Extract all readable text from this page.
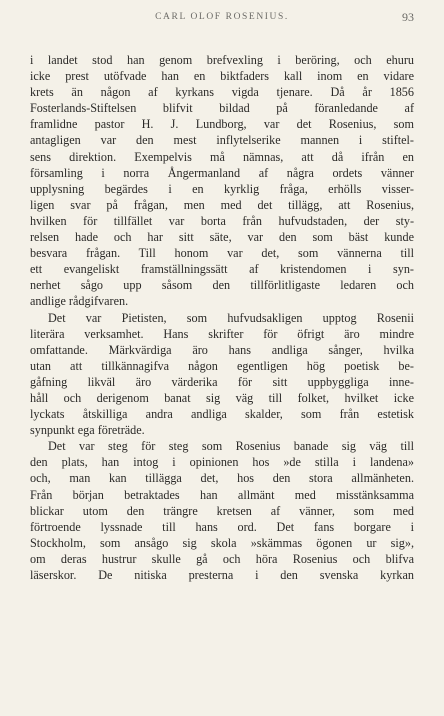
CARL OLOF ROSENIUS.	93

i landet stod han genom brefvexling i beröring, och ehuru
icke prest utöfvade han en biktfaders kall inom en vidare
krets än någon af kyrkans vigda tjenare. Då år 1856
Fosterlands-Stiftelsen blifvit bildad på föranledande af
framlidne pastor H. J. Lundborg, var det Rosenius, som
antagligen var den mest inflytelserike mannen i stiftel-
sens direktion. Exempelvis må nämnas, att då ifrån en
församling i norra Ångermanland af några ordets vänner
upplysning begärdes i en kyrklig fråga, erhölls visser-
ligen svar på frågan, men med det tillägg, att Rosenius,
hvilken för tillfället var borta från hufvudstaden, der sty-
relsen hade och har sitt säte, var den som bäst kunde
besvara frågan. Till honom var det, som vännerna till
ett evangeliskt framställningssätt af kristendomen i syn-
nerhet sågo upp såsom den tillförlitligaste ledaren och
andlige rådgifvaren.

Det var Pietisten, som hufvudsakligen upptog Rosenii
literära verksamhet. Hans skrifter för öfrigt äro mindre
omfattande. Märkvärdiga äro hans andliga sånger, hvilka
utan att tillkännagifva någon egentligen hög poetisk be-
gåfning likväl äro värderika för sitt uppbyggliga inne-
håll och derigenom banat sig väg till folket, hvilket icke
lyckats åtskilliga andra andliga skalder, som från estetisk
synpunkt ega företräde.

Det var steg för steg som Rosenius banade sig väg till
den plats, han intog i opinionen hos »de stilla i landena»
och, man kan tillägga det, hos den stora allmänheten.
Från början betraktades han allmänt med misstänksamma
blickar utom den trängre kretsen af vänner, som med
förtroende lyssnade till hans ord. Det fans borgare i
Stockholm, som ansågo sig skola »skämmas ögonen ur sig»,
om deras hustrur skulle gå och höra Rosenius och blifva
läserskor. De nitiska presterna i den svenska kyrkan
